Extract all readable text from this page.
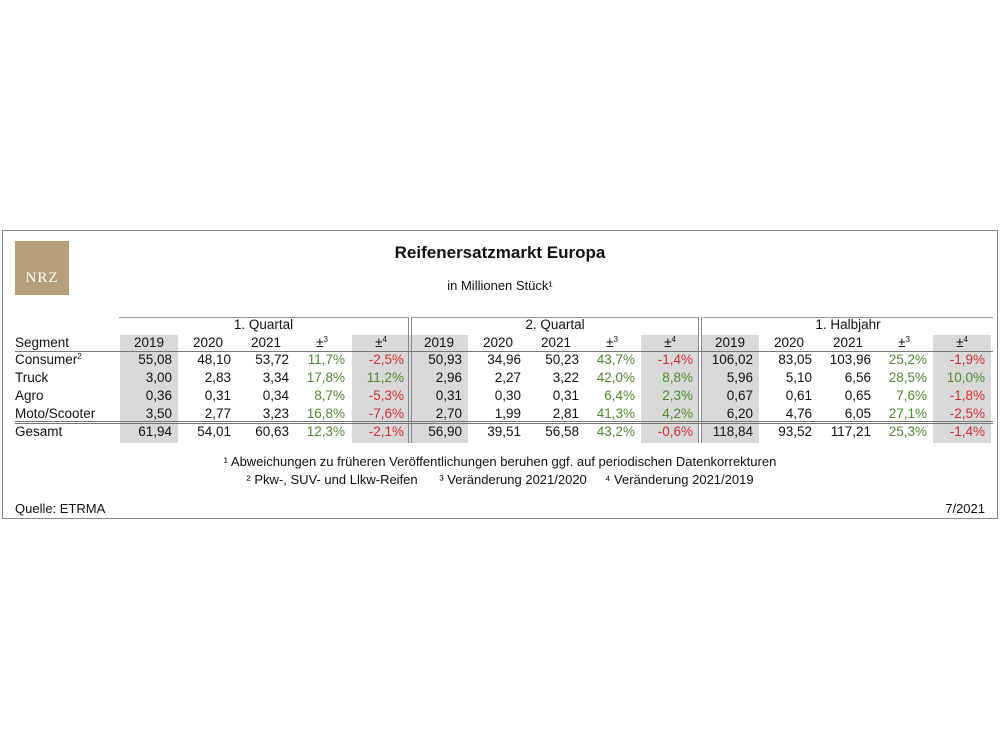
NRZ
Reifenersatzmarkt Europa
in Millionen Stück¹
¹ Abweichungen zu früheren Veröffentlichungen beruhen ggf. auf periodischen Datenkorrekturen
² Pkw-, SUV- und Llkw-Reifen ³ Veränderung 2021/2020 ⁴ Veränderung 2021/2019
Quelle: ETRMA	7/2021
1. Quartal	2. Quartal	1. Halbjahr
Segment	2019	2020	2021	±$^3$	±$^4$	2019	2020	2021	±$^3$	±$^4$	2019	2020	2021	±$^3$	±$^4$
Consumer$^2$	55,08	48,10	53,72	11,7%	-2,5%	50,93	34,96	50,23	43,7%	-1,4%	106,02	83,05	103,96	25,2%	-1,9%
Truck	3,00	2,83	3,34	17,8%	11,2%	2,96	2,27	3,22	42,0%	8,8%	5,96	5,10	6,56	28,5%	10,0%
Agro	0,36	0,31	0,34	8,7%	-5,3%	0,31	0,30	0,31	6,4%	2,3%	0,67	0,61	0,65	7,6%	-1,8%
Moto/Scooter	3,50	2,77	3,23	16,8%	-7,6%	2,70	1,99	2,81	41,3%	4,2%	6,20	4,76	6,05	27,1%	-2,5%
Gesamt	61,94	54,01	60,63	12,3%	-2,1%	56,90	39,51	56,58	43,2%	-0,6%	118,84	93,52	117,21	25,3%	-1,4%
